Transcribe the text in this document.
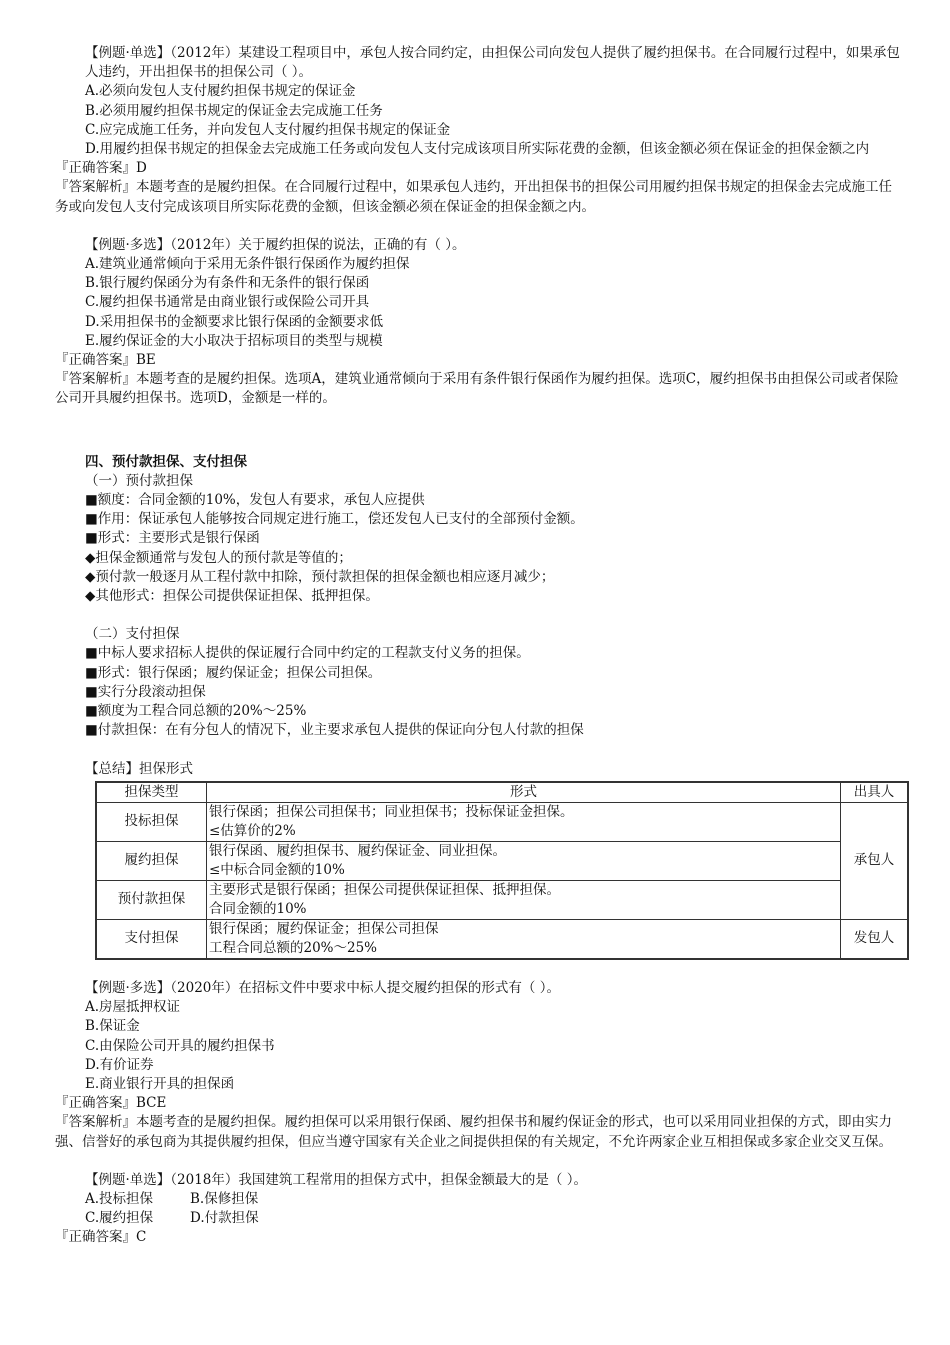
【例题·单选】（2012年）某建设工程项目中，承包人按合同约定，由担保公司向发包人提供了履约担保书。在合同履行过程中，如果承包人违约，开出担保书的担保公司（ ）。

A.必须向发包人支付履约担保书规定的保证金

B.必须用履约担保书规定的保证金去完成施工任务

C.应完成施工任务，并向发包人支付履约担保书规定的保证金

D.用履约担保书规定的担保金去完成施工任务或向发包人支付完成该项目所实际花费的金额，但该金额必须在保证金的担保金额之内

『正确答案』D

『答案解析』本题考查的是履约担保。在合同履行过程中，如果承包人违约，开出担保书的担保公司用履约担保书规定的担保金去完成施工任务或向发包人支付完成该项目所实际花费的金额，但该金额必须在保证金的担保金额之内。

【例题·多选】（2012年）关于履约担保的说法，正确的有（ ）。

A.建筑业通常倾向于采用无条件银行保函作为履约担保

B.银行履约保函分为有条件和无条件的银行保函

C.履约担保书通常是由商业银行或保险公司开具

D.采用担保书的金额要求比银行保函的金额要求低

E.履约保证金的大小取决于招标项目的类型与规模

『正确答案』BE

『答案解析』本题考查的是履约担保。选项A，建筑业通常倾向于采用有条件银行保函作为履约担保。选项C，履约担保书由担保公司或者保险公司开具履约担保书。选项D，金额是一样的。

四、预付款担保、支付担保

（一）预付款担保

■额度：合同金额的10%，发包人有要求，承包人应提供

■作用：保证承包人能够按合同规定进行施工，偿还发包人已支付的全部预付金额。

■形式：主要形式是银行保函

◆担保金额通常与发包人的预付款是等值的；

◆预付款一般逐月从工程付款中扣除，预付款担保的担保金额也相应逐月减少；

◆其他形式：担保公司提供保证担保、抵押担保。

（二）支付担保

■中标人要求招标人提供的保证履行合同中约定的工程款支付义务的担保。

■形式：银行保函；履约保证金；担保公司担保。

■实行分段滚动担保

■额度为工程合同总额的20%～25%

■付款担保：在有分包人的情况下，业主要求承包人提供的保证向分包人付款的担保

【总结】担保形式

担保类型	形式	出具人
投标担保	银行保函；担保公司担保书；同业担保书；投标保证金担保。
≤估算价的2%	承包人
履约担保	银行保函、履约担保书、履约保证金、同业担保。
≤中标合同金额的10%	

预付款担保	主要形式是银行保函；担保公司提供保证担保、抵押担保。
合同金额的10%	

支付担保	银行保函；履约保证金；担保公司担保
工程合同总额的20%～25%	发包人

【例题·多选】（2020年）在招标文件中要求中标人提交履约担保的形式有（ ）。

A.房屋抵押权证

B.保证金

C.由保险公司开具的履约担保书

D.有价证券

E.商业银行开具的担保函

『正确答案』BCE

『答案解析』本题考查的是履约担保。履约担保可以采用银行保函、履约担保书和履约保证金的形式，也可以采用同业担保的方式，即由实力强、信誉好的承包商为其提供履约担保，但应当遵守国家有关企业之间提供担保的有关规定，不允许两家企业互相担保或多家企业交叉互保。

【例题·单选】（2018年）我国建筑工程常用的担保方式中，担保金额最大的是（ ）。

A.投标担保	B.保修担保

C.履约担保	D.付款担保

『正确答案』C
